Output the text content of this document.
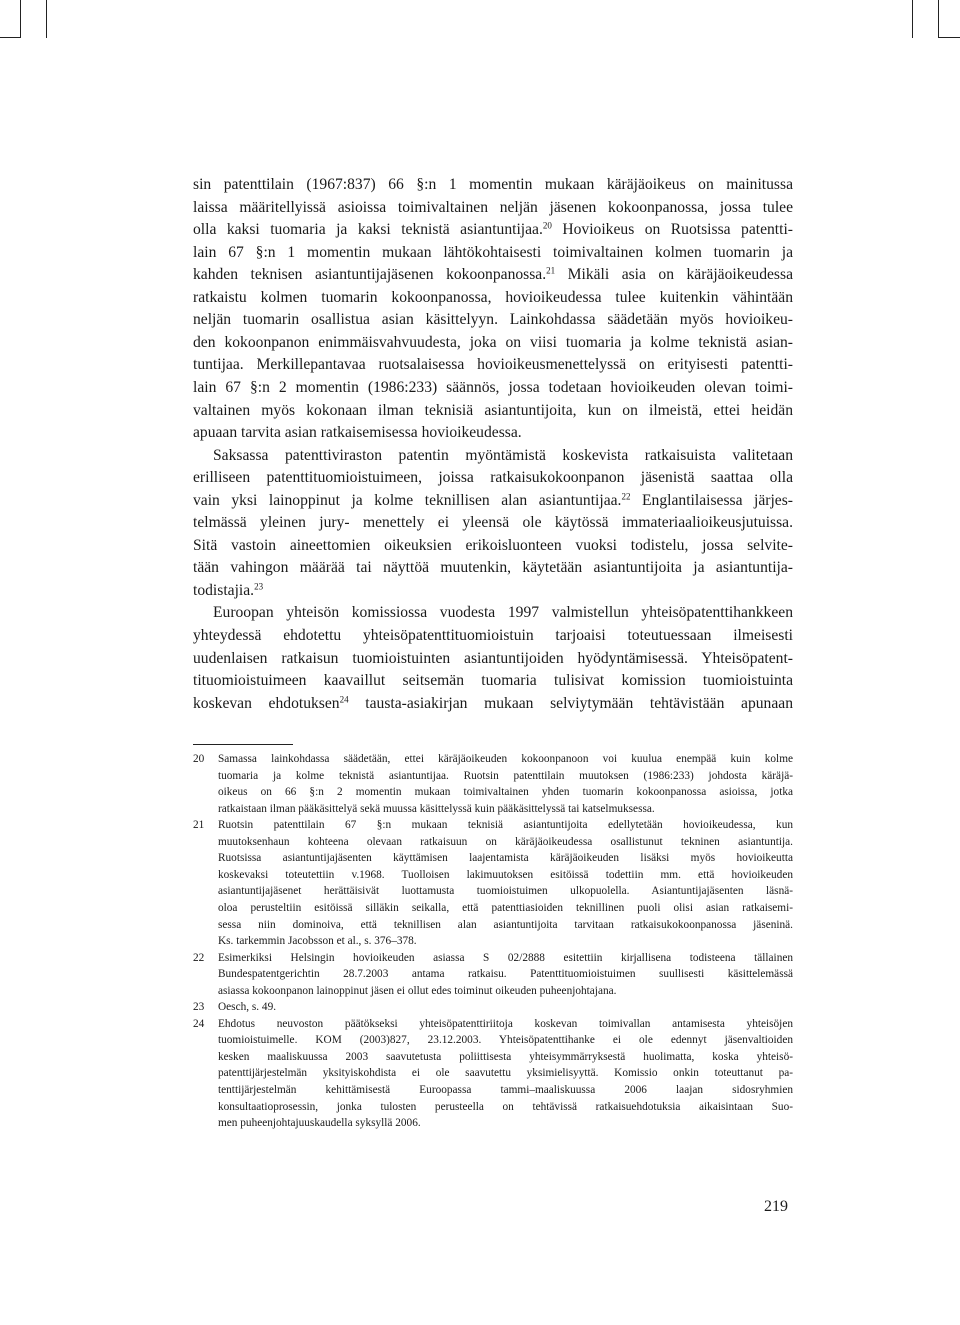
sin patenttilain (1967:837) 66 §:n 1 momentin mukaan käräjäoikeus on mainitussa
laissa määritellyissä asioissa toimivaltainen neljän jäsenen kokoonpanossa, jossa tulee
olla kaksi tuomaria ja kaksi teknistä asiantuntijaa.$^{20}$ Hovioikeus on Ruotsissa patentti-
lain 67 §:n 1 momentin mukaan lähtökohtaisesti toimivaltainen kolmen tuomarin ja
kahden teknisen asiantuntijajäsenen kokoonpanossa.$^{21}$ Mikäli asia on käräjäoikeudessa
ratkaistu kolmen tuomarin kokoonpanossa, hovioikeudessa tulee kuitenkin vähintään
neljän tuomarin osallistua asian käsittelyyn. Lainkohdassa säädetään myös hovioikeu-
den kokoonpanon enimmäisvahvuudesta, joka on viisi tuomaria ja kolme teknistä asian-
tuntijaa. Merkillepantavaa ruotsalaisessa hovioikeusmenettelyssä on erityisesti patentti-
lain 67 §:n 2 momentin (1986:233) säännös, jossa todetaan hovioikeuden olevan toimi-
valtainen myös kokonaan ilman teknisiä asiantuntijoita, kun on ilmeistä, ettei heidän
apuaan tarvita asian ratkaisemisessa hovioikeudessa.
Saksassa patenttiviraston patentin myöntämistä koskevista ratkaisuista valitetaan
erilliseen patenttituomioistuimeen, joissa ratkaisukokoonpanon jäsenistä saattaa olla
vain yksi lainoppinut ja kolme teknillisen alan asiantuntijaa.$^{22}$ Englantilaisessa järjes-
telmässä yleinen jury- menettely ei yleensä ole käytössä immateriaalioikeusjutuissa.
Sitä vastoin aineettomien oikeuksien erikoisluonteen vuoksi todistelu, jossa selvite-
tään vahingon määrää tai näyttöä muutenkin, käytetään asiantuntijoita ja asiantuntija-
todistajia.$^{23}$
Euroopan yhteisön komissiossa vuodesta 1997 valmistellun yhteisöpatenttihankkeen
yhteydessä ehdotettu yhteisöpatenttituomioistuin tarjoaisi toteutuessaan ilmeisesti
uudenlaisen ratkaisun tuomioistuinten asiantuntijoiden hyödyntämisessä. Yhteisöpatent-
tituomioistuimeen kaavaillut seitsemän tuomaria tulisivat komission tuomioistuinta
koskevan ehdotuksen$^{24}$ tausta-asiakirjan mukaan selviytymään tehtävistään apunaan
20 Samassa lainkohdassa säädetään, ettei käräjäoikeuden kokoonpanoon voi kuulua enempää kuin kolme
tuomaria ja kolme teknistä asiantuntijaa. Ruotsin patenttilain muutoksen (1986:233) johdosta käräjä-
oikeus on 66 §:n 2 momentin mukaan toimivaltainen yhden tuomarin kokoonpanossa asioissa, jotka
ratkaistaan ilman pääkäsittelyä sekä muussa käsittelyssä kuin pääkäsittelyssä tai katselmuksessa.
21 Ruotsin patenttilain 67 §:n mukaan teknisiä asiantuntijoita edellytetään hovioikeudessa, kun
muutoksenhaun kohteena olevaan ratkaisuun on käräjäoikeudessa osallistunut tekninen asiantuntija.
Ruotsissa asiantuntijajäsenten käyttämisen laajentamista käräjäoikeuden lisäksi myös hovioikeutta
koskevaksi toteutettiin v.1968. Tuolloisen lakimuutoksen esitöissä todettiin mm. että hovioikeuden
asiantuntijajäsenet herättäisivät luottamusta tuomioistuimen ulkopuolella. Asiantuntijajäsenten läsnä-
oloa perusteltiin esitöissä silläkin seikalla, että patenttiasioiden teknillinen puoli olisi asian ratkaisemi-
sessa niin dominoiva, että teknillisen alan asiantuntijoita tarvitaan ratkaisukokoonpanossa jäseninä.
Ks. tarkemmin Jacobsson et al., s. 376–378.
22 Esimerkiksi Helsingin hovioikeuden asiassa S 02/2888 esitettiin kirjallisena todisteena tällainen
Bundespatentgerichtin 28.7.2003 antama ratkaisu. Patenttituomioistuimen suullisesti käsittelemässä
asiassa kokoonpanon lainoppinut jäsen ei ollut edes toiminut oikeuden puheenjohtajana.
23 Oesch, s. 49.
24 Ehdotus neuvoston päätökseksi yhteisöpatenttiriitoja koskevan toimivallan antamisesta yhteisöjen
tuomioistuimelle. KOM (2003)827, 23.12.2003. Yhteisöpatenttihanke ei ole edennyt jäsenvaltioiden
kesken maaliskuussa 2003 saavutetusta poliittisesta yhteisymmärryksestä huolimatta, koska yhteisö-
patenttijärjestelmän yksityiskohdista ei ole saavutettu yksimielisyyttä. Komissio onkin toteuttanut pa-
tenttijärjestelmän kehittämisestä Euroopassa tammi–maaliskuussa 2006 laajan sidosryhmien
konsultaatioprosessin, jonka tulosten perusteella on tehtävissä ratkaisuehdotuksia aikaisintaan Suo-
men puheenjohtajuuskaudella syksyllä 2006.
219
